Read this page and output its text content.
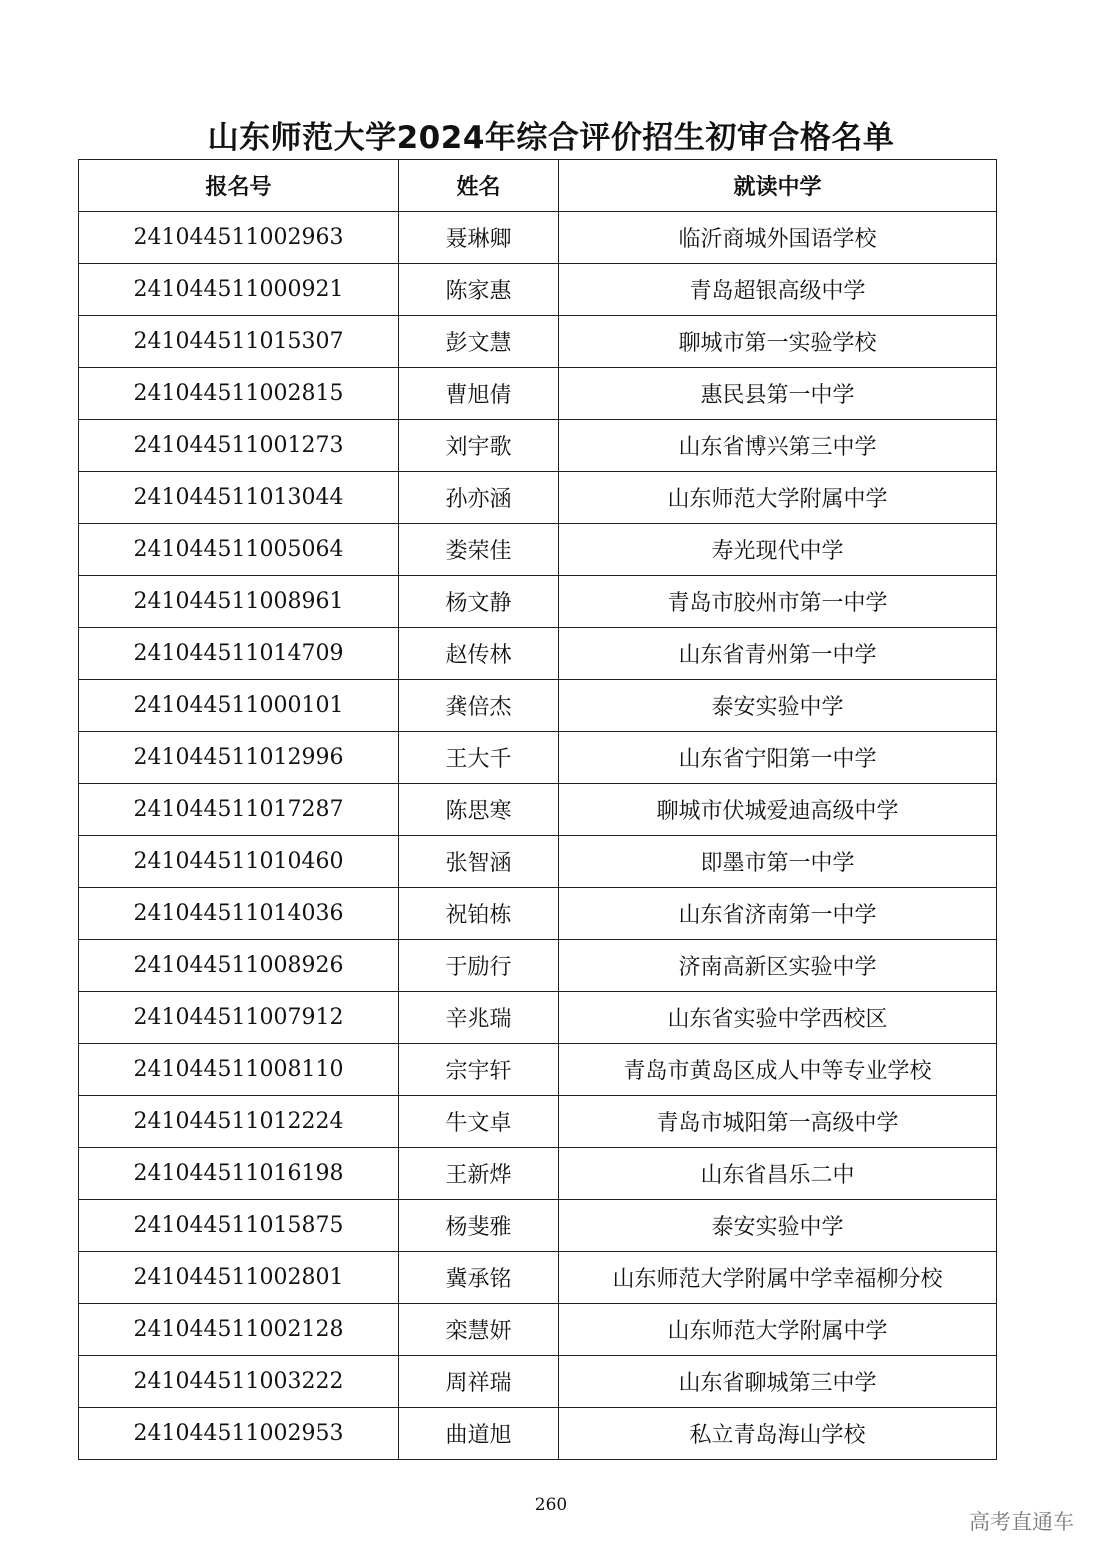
山东师范大学2024年综合评价招生初审合格名单
报名号	姓名	就读中学
241044511002963	聂琳卿	临沂商城外国语学校
241044511000921	陈家惠	青岛超银高级中学
241044511015307	彭文慧	聊城市第一实验学校
241044511002815	曹旭倩	惠民县第一中学
241044511001273	刘宇歌	山东省博兴第三中学
241044511013044	孙亦涵	山东师范大学附属中学
241044511005064	娄荣佳	寿光现代中学
241044511008961	杨文静	青岛市胶州市第一中学
241044511014709	赵传林	山东省青州第一中学
241044511000101	龚倍杰	泰安实验中学
241044511012996	王大千	山东省宁阳第一中学
241044511017287	陈思寒	聊城市伏城爱迪高级中学
241044511010460	张智涵	即墨市第一中学
241044511014036	祝铂栋	山东省济南第一中学
241044511008926	于励行	济南高新区实验中学
241044511007912	辛兆瑞	山东省实验中学西校区
241044511008110	宗宇轩	青岛市黄岛区成人中等专业学校
241044511012224	牛文卓	青岛市城阳第一高级中学
241044511016198	王新烨	山东省昌乐二中
241044511015875	杨斐雅	泰安实验中学
241044511002801	冀承铭	山东师范大学附属中学幸福柳分校
241044511002128	栾慧妍	山东师范大学附属中学
241044511003222	周祥瑞	山东省聊城第三中学
241044511002953	曲道旭	私立青岛海山学校
260
高考直通车
